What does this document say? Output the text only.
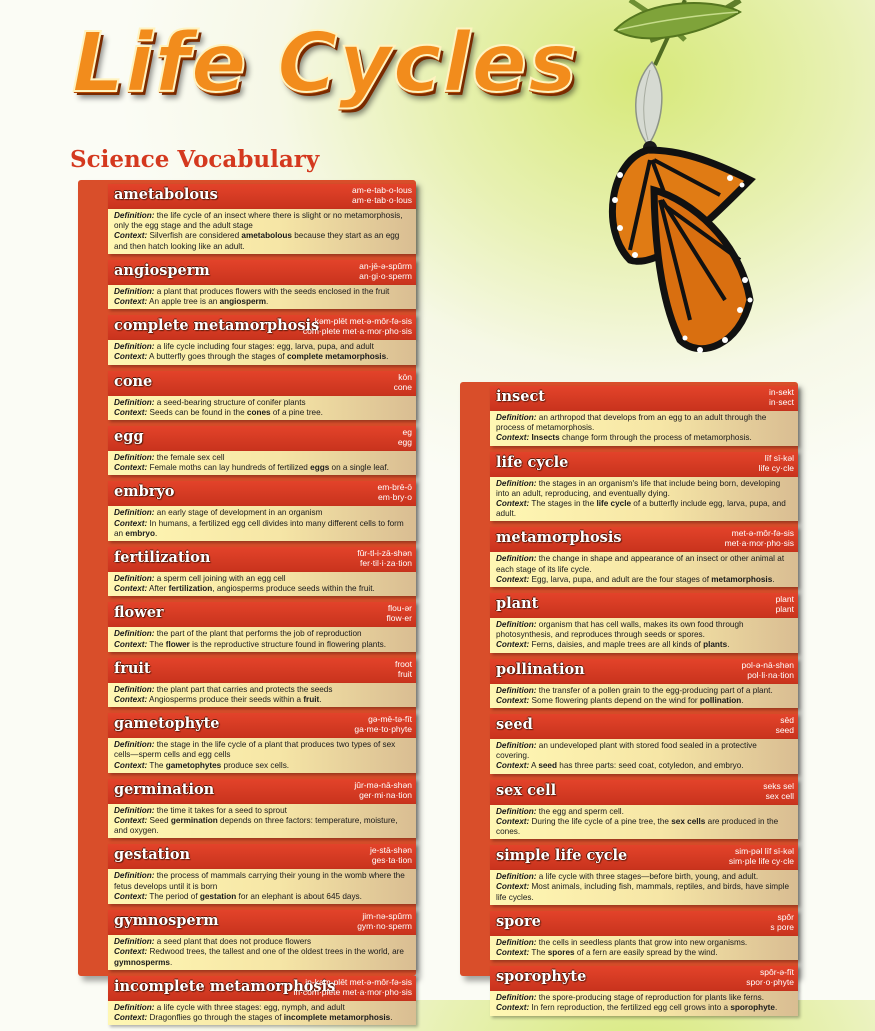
Life Cycles
Science Vocabulary
ametabolous	am-e-tab-o-lous
am·e·tab·o·lous
Definition: the life cycle of an insect where there is slight or no metamorphosis, only the egg stage and the adult stage
Context: Silverfish are considered ametabolous because they start as an egg and then hatch looking like an adult.
angiosperm	an-jē-ə-spûrm
an·gi·o·sperm
Definition: a plant that produces flowers with the seeds enclosed in the fruit
Context: An apple tree is an angiosperm.
complete metamorphosis
kəm-plēt met-ə-môr-fə-sis
com·plete met·a·mor·pho·sis
Definition: a life cycle including four stages: egg, larva, pupa, and adult
Context: A butterfly goes through the stages of complete metamorphosis.
cone	kōn
cone
Definition: a seed-bearing structure of conifer plants
Context: Seeds can be found in the cones of a pine tree.
egg	eg
egg
Definition: the female sex cell
Context: Female moths can lay hundreds of fertilized eggs on a single leaf.
embryo	em-brē-ō
em·bry·o
Definition: an early stage of development in an organism
Context: In humans, a fertilized egg cell divides into many different cells to form an embryo.
fertilization	fûr-tl-i-zā-shən
fer·til·i·za·tion
Definition: a sperm cell joining with an egg cell
Context: After fertilization, angiosperms produce seeds within the fruit.
flower	flou-ər
flow·er
Definition: the part of the plant that performs the job of reproduction
Context: The flower is the reproductive structure found in flowering plants.
fruit	froot
fruit
Definition: the plant part that carries and protects the seeds
Context: Angiosperms produce their seeds within a fruit.
gametophyte	gə-mē-tə-fīt
ga·me·to·phyte
Definition: the stage in the life cycle of a plant that produces two types of sex cells—sperm cells and egg cells
Context: The gametophytes produce sex cells.
germination	jûr-mə-nā-shən
ger·mi·na·tion
Definition: the time it takes for a seed to sprout
Context: Seed germination depends on three factors: temperature, moisture, and oxygen.
gestation	je-stā-shən
ges·ta·tion
Definition: the process of mammals carrying their young in the womb where the fetus develops until it is born
Context: The period of gestation for an elephant is about 645 days.
gymnosperm	jim-nə-spûrm
gym·no·sperm
Definition: a seed plant that does not produce flowers
Context: Redwood trees, the tallest and one of the oldest trees in the world, are gymnosperms.
incomplete metamorphosis
in-kəm-plēt met-ə-môr-fə-sis
in·com·plete met·a·mor·pho·sis
Definition: a life cycle with three stages: egg, nymph, and adult
Context: Dragonflies go through the stages of incomplete metamorphosis.
insect	in-sekt
in·sect
Definition: an arthropod that develops from an egg to an adult through the process of metamorphosis.
Context: Insects change form through the process of metamorphosis.
life cycle	līf sī-kəl
life cy·cle
Definition: the stages in an organism's life that include being born, developing into an adult, reproducing, and eventually dying.
Context: The stages in the life cycle of a butterfly include egg, larva, pupa, and adult.
metamorphosis	met-ə-môr-fə-sis
met·a·mor·pho·sis
Definition: the change in shape and appearance of an insect or other animal at each stage of its life cycle.
Context: Egg, larva, pupa, and adult are the four stages of metamorphosis.
plant	plant
plant
Definition: organism that has cell walls, makes its own food through photosynthesis, and reproduces through seeds or spores.
Context: Ferns, daisies, and maple trees are all kinds of plants.
pollination	pol-ə-nā-shən
pol·li·na·tion
Definition: the transfer of a pollen grain to the egg-producing part of a plant.
Context: Some flowering plants depend on the wind for pollination.
seed	sēd
seed
Definition: an undeveloped plant with stored food sealed in a protective covering.
Context: A seed has three parts: seed coat, cotyledon, and embryo.
sex cell	seks sel
sex cell
Definition: the egg and sperm cell.
Context: During the life cycle of a pine tree, the sex cells are produced in the cones.
simple life cycle	sim-pəl līf sī-kəl
sim·ple life cy·cle
Definition: a life cycle with three stages—before birth, young, and adult.
Context: Most animals, including fish, mammals, reptiles, and birds, have simple life cycles.
spore	spôr
s pore
Definition: the cells in seedless plants that grow into new organisms.
Context: The spores of a fern are easily spread by the wind.
sporophyte	spôr-ə-fīt
spor·o·phyte
Definition: the spore-producing stage of reproduction for plants like ferns.
Context: In fern reproduction, the fertilized egg cell grows into a sporophyte.
